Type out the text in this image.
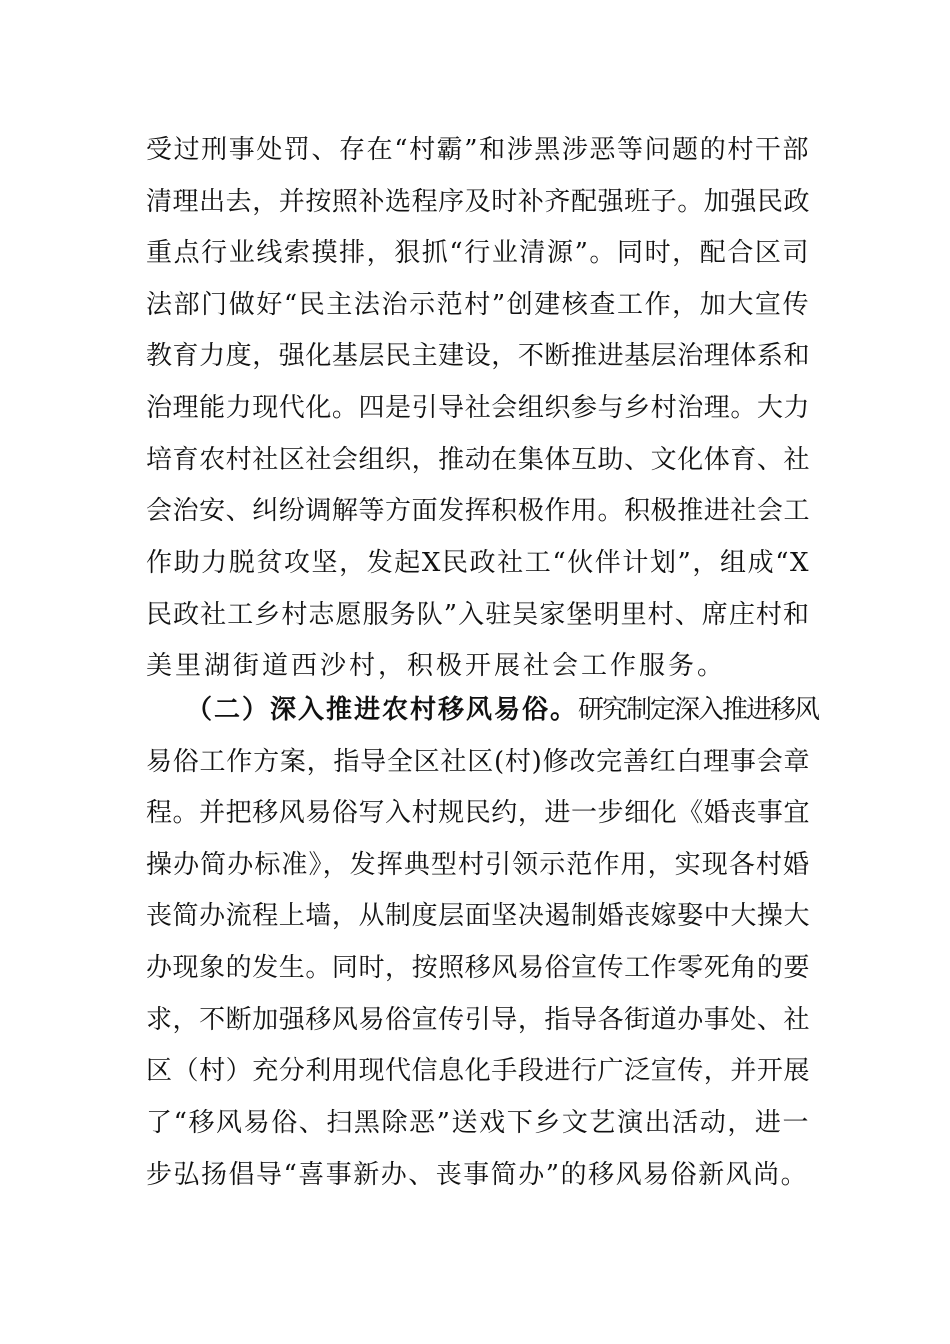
受过刑事处罚、存在“村霸”和涉黑涉恶等问题的村干部
清理出去，并按照补选程序及时补齐配强班子。加强民政
重点行业线索摸排，狠抓“行业清源”。同时，配合区司
法部门做好“民主法治示范村”创建核查工作，加大宣传
教育力度，强化基层民主建设，不断推进基层治理体系和
治理能力现代化。四是引导社会组织参与乡村治理。大力
培育农村社区社会组织，推动在集体互助、文化体育、社
会治安、纠纷调解等方面发挥积极作用。积极推进社会工
作助力脱贫攻坚，发起X民政社工“伙伴计划”，组成“X
民政社工乡村志愿服务队”入驻吴家堡明里村、席庄村和
美里湖街道西沙村，积极开展社会工作服务。
（二）深入推进农村移风易俗。研究制定深入推进移风
易俗工作方案，指导全区社区(村)修改完善红白理事会章
程。并把移风易俗写入村规民约，进一步细化《婚丧事宜
操办简办标准》，发挥典型村引领示范作用，实现各村婚
丧简办流程上墙，从制度层面坚决遏制婚丧嫁娶中大操大
办现象的发生。同时，按照移风易俗宣传工作零死角的要
求，不断加强移风易俗宣传引导，指导各街道办事处、社
区（村）充分利用现代信息化手段进行广泛宣传，并开展
了“移风易俗、扫黑除恶”送戏下乡文艺演出活动，进一
步弘扬倡导“喜事新办、丧事简办”的移风易俗新风尚。
